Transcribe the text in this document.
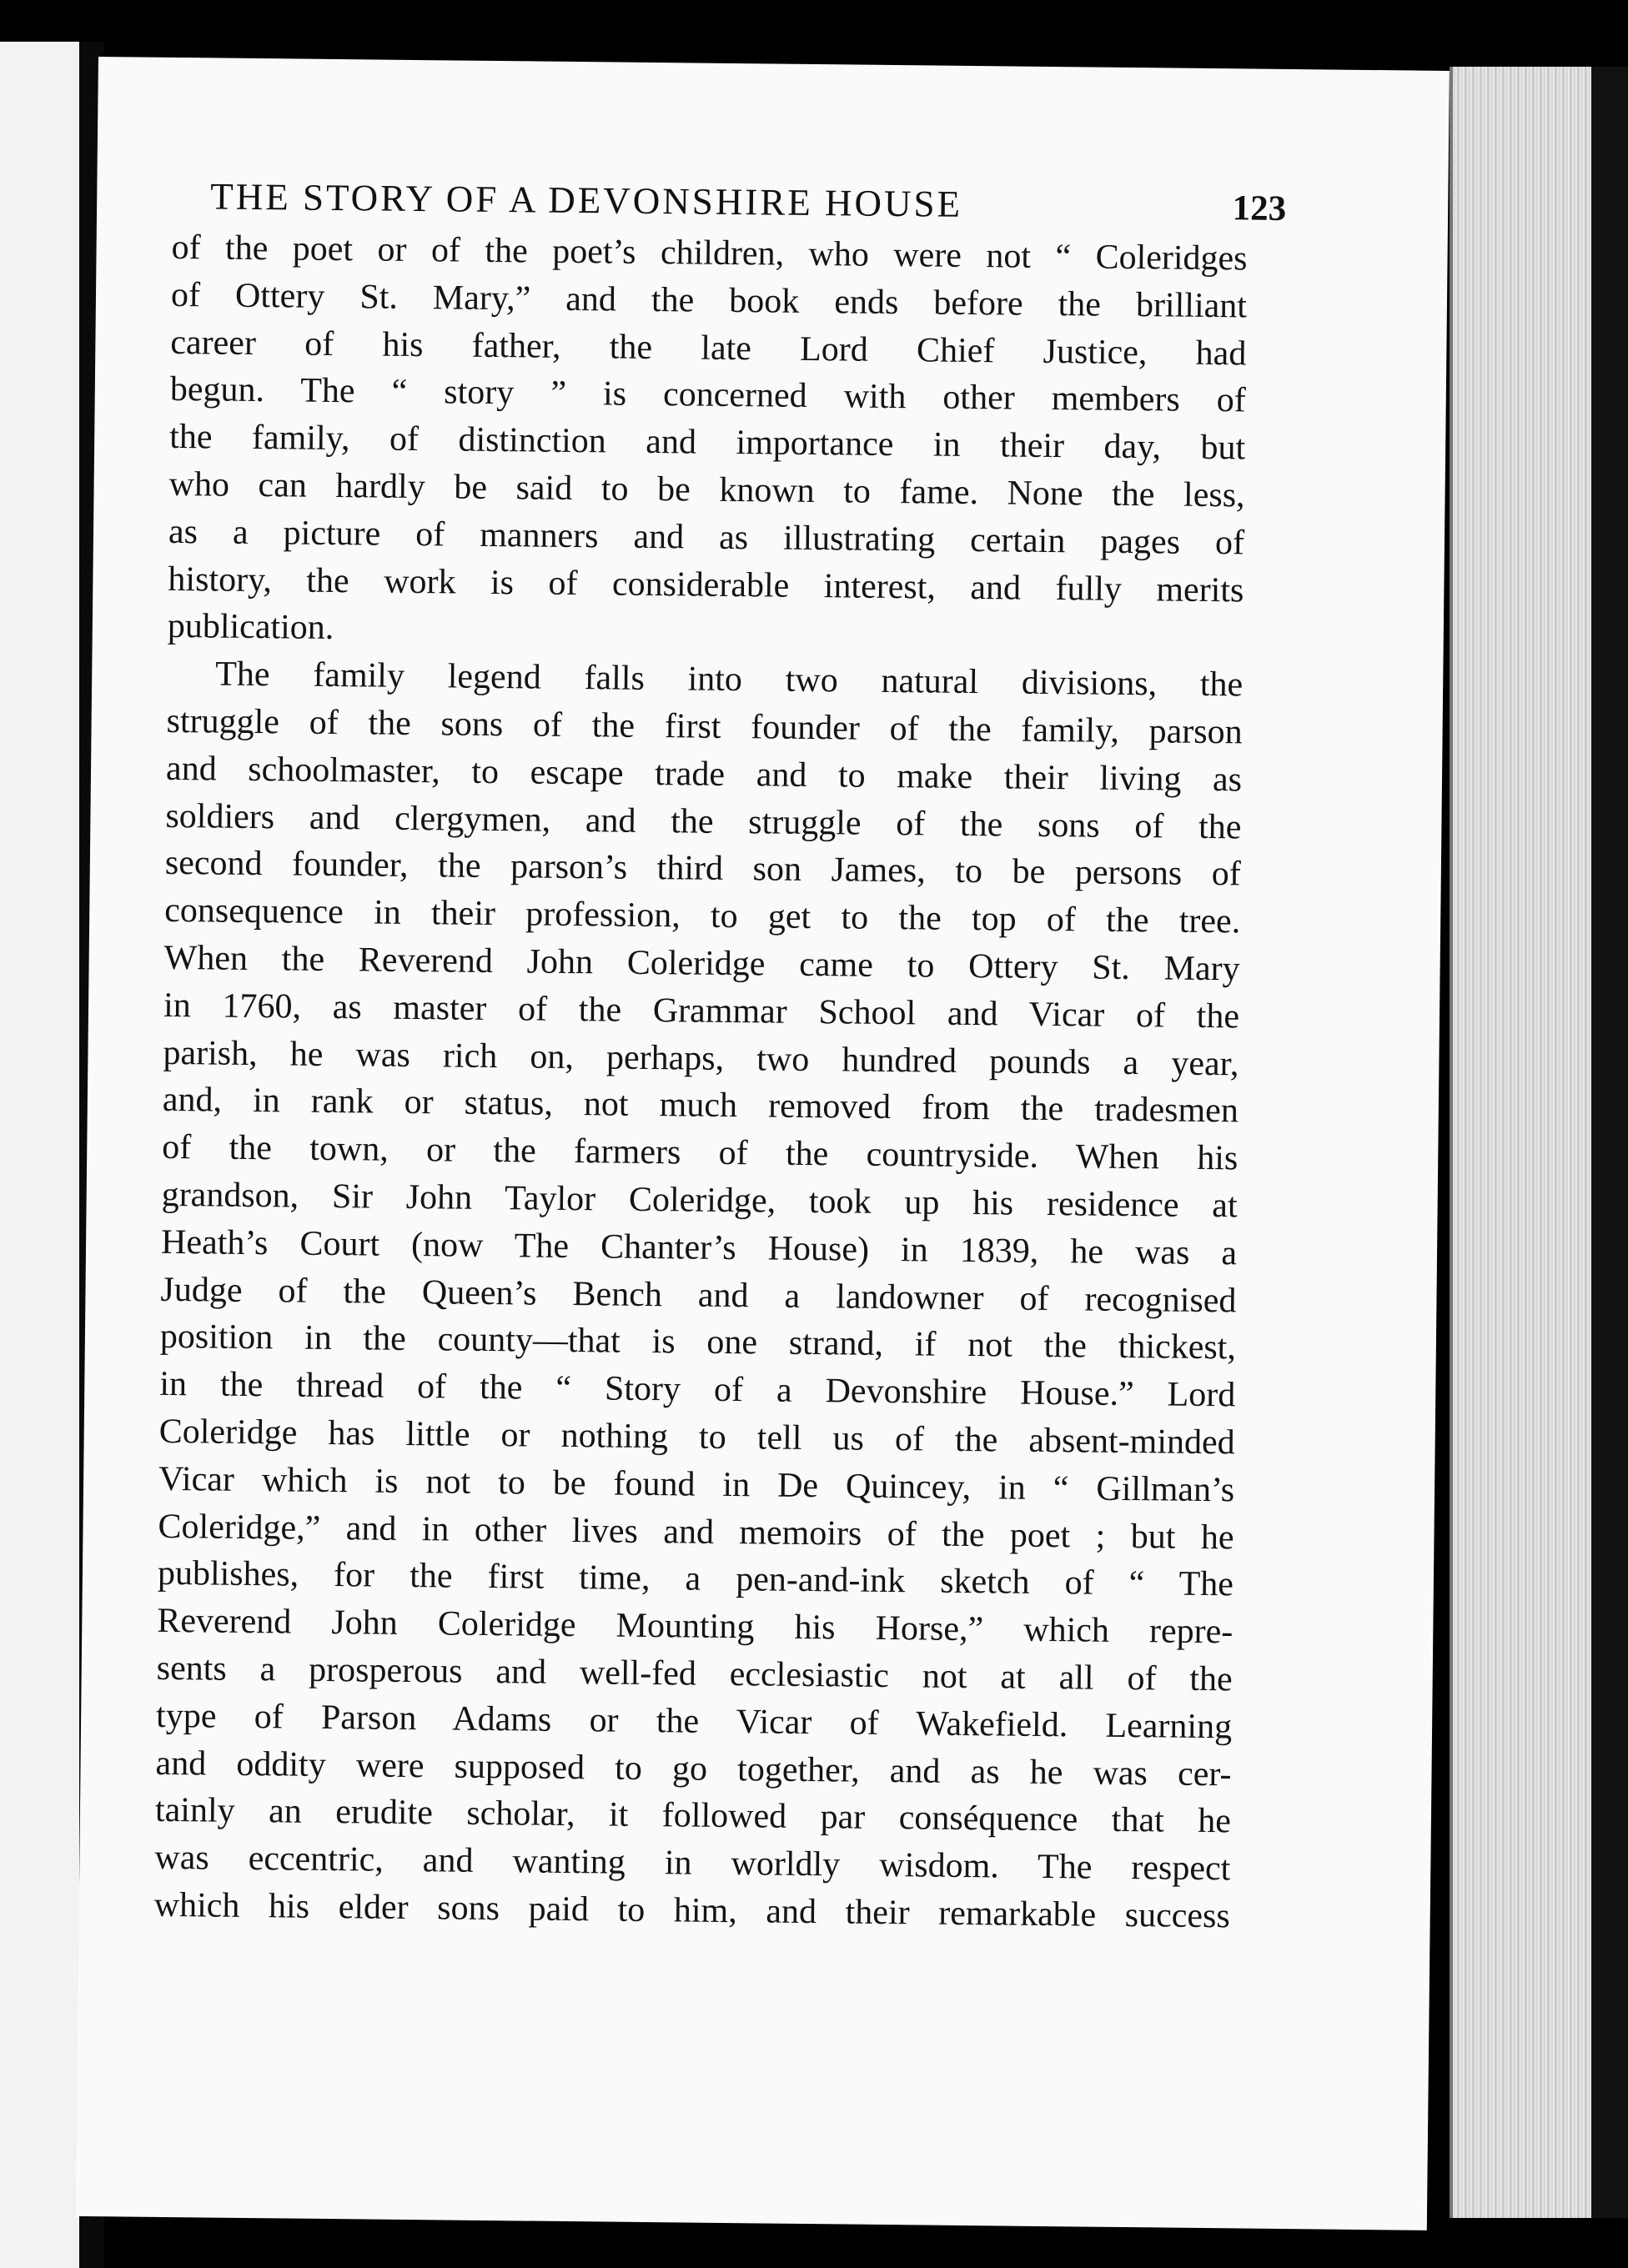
THE STORY OF A DEVONSHIRE HOUSE	123
of the poet or of the poet’s children, who were not “ Coleridges
of Ottery St. Mary,” and the book ends before the brilliant
career of his father, the late Lord Chief Justice, had
begun. The “ story ” is concerned with other members of
the family, of distinction and importance in their day, but
who can hardly be said to be known to fame. None the less,
as a picture of manners and as illustrating certain pages of
history, the work is of considerable interest, and fully merits
publication.
The family legend falls into two natural divisions, the
struggle of the sons of the first founder of the family, parson
and schoolmaster, to escape trade and to make their living as
soldiers and clergymen, and the struggle of the sons of the
second founder, the parson’s third son James, to be persons of
consequence in their profession, to get to the top of the tree.
When the Reverend John Coleridge came to Ottery St. Mary
in 1760, as master of the Grammar School and Vicar of the
parish, he was rich on, perhaps, two hundred pounds a year,
and, in rank or status, not much removed from the tradesmen
of the town, or the farmers of the countryside. When his
grandson, Sir John Taylor Coleridge, took up his residence at
Heath’s Court (now The Chanter’s House) in 1839, he was a
Judge of the Queen’s Bench and a landowner of recognised
position in the county—that is one strand, if not the thickest,
in the thread of the “ Story of a Devonshire House.” Lord
Coleridge has little or nothing to tell us of the absent-minded
Vicar which is not to be found in De Quincey, in “ Gillman’s
Coleridge,” and in other lives and memoirs of the poet ; but he
publishes, for the first time, a pen-and-ink sketch of “ The
Reverend John Coleridge Mounting his Horse,” which repre-
sents a prosperous and well-fed ecclesiastic not at all of the
type of Parson Adams or the Vicar of Wakefield. Learning
and oddity were supposed to go together, and as he was cer-
tainly an erudite scholar, it followed par conséquence that he
was eccentric, and wanting in worldly wisdom. The respect
which his elder sons paid to him, and their remarkable success
